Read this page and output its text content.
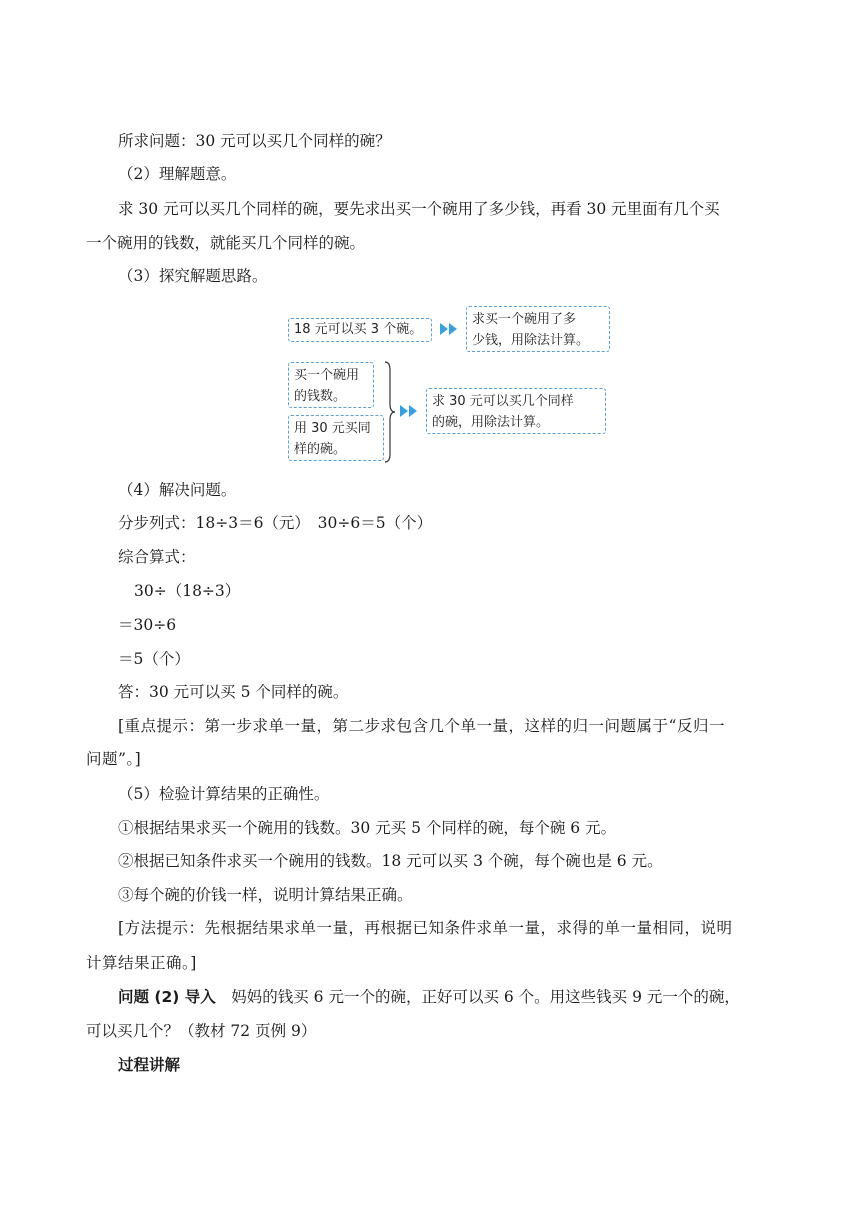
所求问题：30 元可以买几个同样的碗？
（2）理解题意。
求 30 元可以买几个同样的碗，要先求出买一个碗用了多少钱，再看 30 元里面有几个买
一个碗用的钱数，就能买几个同样的碗。
（3）探究解题思路。
18 元可以买 3 个碗。
求买一个碗用了多
少钱，用除法计算。
买一个碗用
的钱数。
用 30 元买同
样的碗。
求 30 元可以买几个同样
的碗，用除法计算。
（4）解决问题。
分步列式：18÷3＝6（元）　30÷6＝5（个）
综合算式：
30÷（18÷3）
＝30÷6
＝5（个）
答：30 元可以买 5 个同样的碗。
[重点提示：第一步求单一量，第二步求包含几个单一量，这样的归一问题属于“反归一
问题”。]
（5）检验计算结果的正确性。
①根据结果求买一个碗用的钱数。30 元买 5 个同样的碗，每个碗 6 元。
②根据已知条件求买一个碗用的钱数。18 元可以买 3 个碗，每个碗也是 6 元。
③每个碗的价钱一样，说明计算结果正确。
[方法提示：先根据结果求单一量，再根据已知条件求单一量，求得的单一量相同，说明
计算结果正确。]
问题 (2) 导入　妈妈的钱买 6 元一个的碗，正好可以买 6 个。用这些钱买 9 元一个的碗，
可以买几个？（教材 72 页例 9）
过程讲解
